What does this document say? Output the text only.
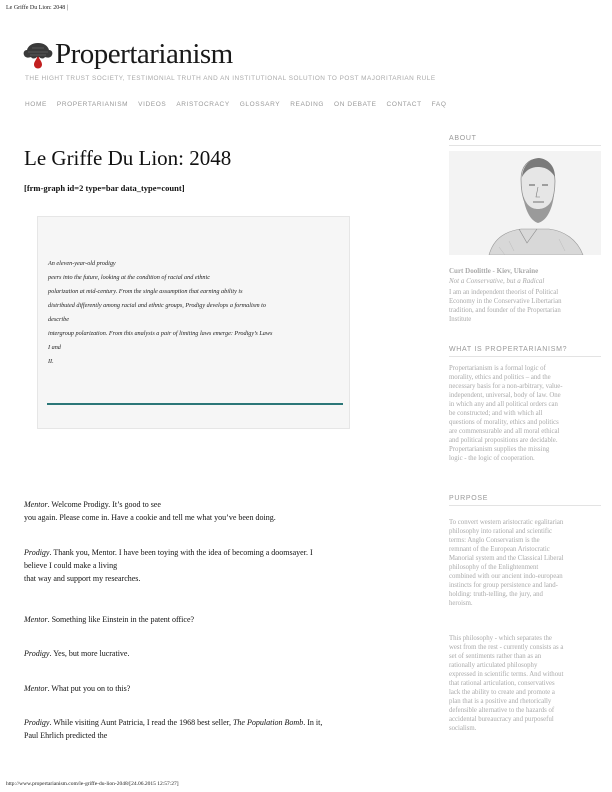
Le Griffe Du Lion: 2048 |
Propertarianism
THE HIGHT TRUST SOCIETY, TESTIMONIAL TRUTH AND AN INSTITUTIONAL SOLUTION TO POST MAJORITARIAN RULE
HOME PROPERTARIANISM VIDEOS ARISTOCRACY GLOSSARY READING ON DEBATE CONTACT FAQ
Le Griffe Du Lion: 2048
[frm-graph id=2 type=bar data_type=count]
An eleven-year-old prodigy
peers into the future, looking at the condition of racial and ethnic
polarization at mid-century. From the single assumption that earning ability is
distributed differently among racial and ethnic groups, Prodigy develops a formalism to
describe
intergroup polarization. From this analysis a pair of limiting laws emerge: Prodigy’s Laws
I and
II.
Mentor. Welcome Prodigy. It’s good to see
you again. Please come in. Have a cookie and tell me what you’ve been doing.
Prodigy. Thank you, Mentor. I have been toying with the idea of becoming a doomsayer. I
believe I could make a living
that way and support my researches.
Mentor. Something like Einstein in the patent office?
Prodigy. Yes, but more lucrative.
Mentor. What put you on to this?
Prodigy. While visiting Aunt Patricia, I read the 1968 best seller, The Population Bomb. In it,
Paul Ehrlich predicted the
ABOUT
Curt Doolittle - Kiev, Ukraine
Not a Conservative, but a Radical
I am an independent theorist of Political
Economy in the Conservative Libertarian
tradition, and founder of the Propertarian
Institute
WHAT IS PROPERTARIANISM?
Propertarianism is a formal logic of
morality, ethics and politics – and the
necessary basis for a non-arbitrary, value-
independent, universal, body of law. One
in which any and all political orders can
be constructed; and with which all
questions of morality, ethics and politics
are commensurable and all moral ethical
and political propositions are decidable.
Propertarianism supplies the missing
logic - the logic of cooperation.
PURPOSE
To convert western aristocratic egalitarian
philosophy into rational and scientific
terms: Anglo Conservatism is the
remnant of the European Aristocratic
Manorial system and the Classical Liberal
philosophy of the Enlightenment
combined with our ancient indo-european
instincts for group persistence and land-
holding: truth-telling, the jury, and
heroism.
This philosophy - which separates the
west from the rest - currently consists as a
set of sentiments rather than as an
rationally articulated philosophy
expressed in scientific terms. And without
that rational articulation, conservatives
lack the ability to create and promote a
plan that is a positive and rhetorically
defensible alternative to the hazards of
accidental bureaucracy and purposeful
socialism.
http://www.propertarianism.com/le-griffe-du-lion-2048/[24.06.2015 12:57:27]
